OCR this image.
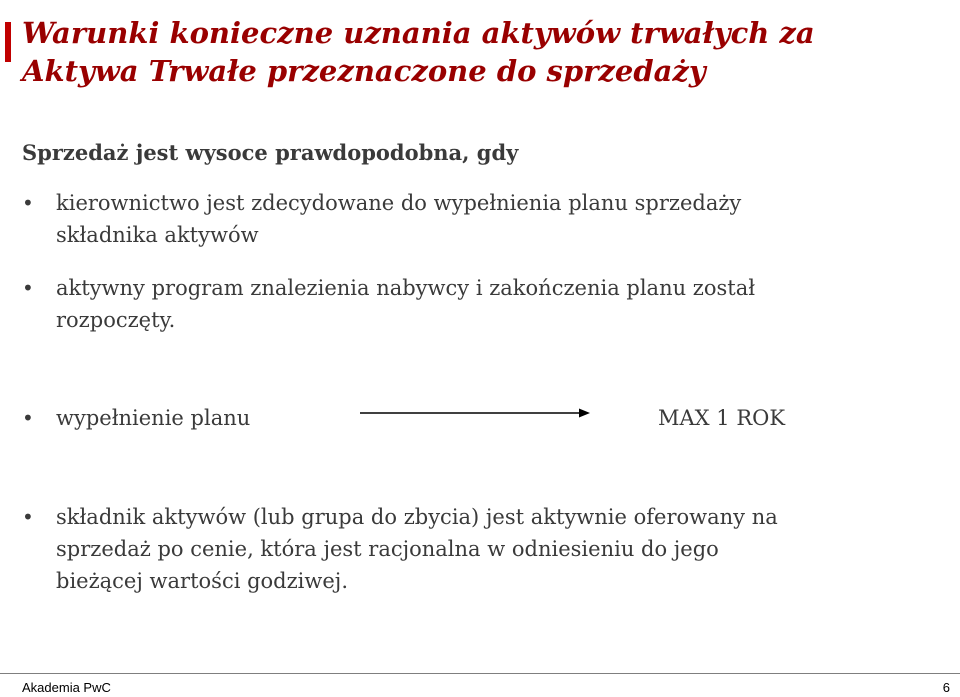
Warunki konieczne uznania aktywów trwałych za
Aktywa Trwałe przeznaczone do sprzedaży
Sprzedaż jest wysoce prawdopodobna, gdy
• kierownictwo jest zdecydowane do wypełnienia planu sprzedaży
składnika aktywów
• aktywny program znalezienia nabywcy i zakończenia planu został
rozpoczęty.
• wypełnienie planu	MAX 1 ROK
• składnik aktywów (lub grupa do zbycia) jest aktywnie oferowany na
sprzedaż po cenie, która jest racjonalna w odniesieniu do jego
bieżącej wartości godziwej.
Akademia PwC	6
